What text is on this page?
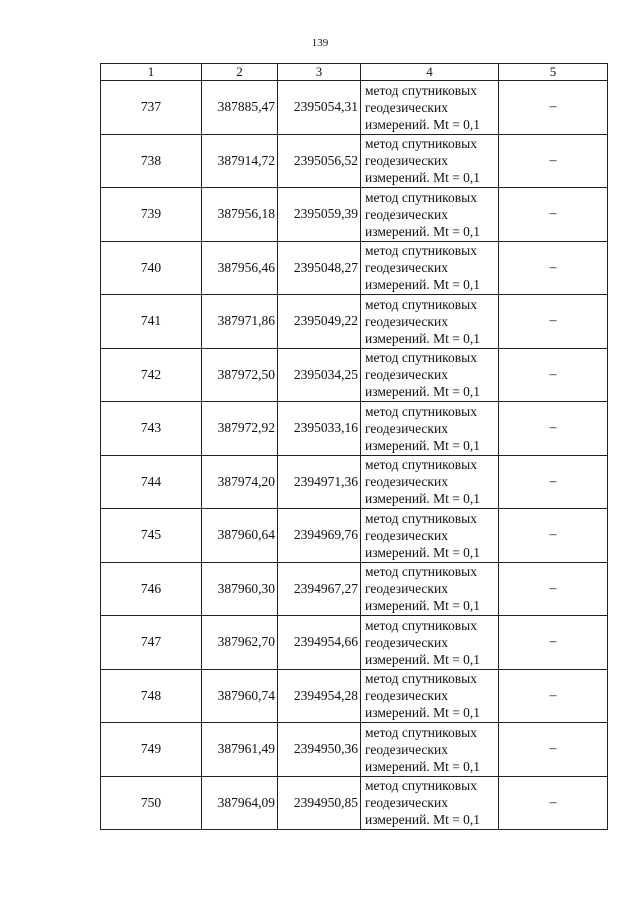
139
1	2	3	4	5
737	387885,47	2395054,31	метод спутниковых
геодезических
измерений. Mt = 0,1	–
738	387914,72	2395056,52	метод спутниковых
геодезических
измерений. Mt = 0,1	–
739	387956,18	2395059,39	метод спутниковых
геодезических
измерений. Mt = 0,1	–
740	387956,46	2395048,27	метод спутниковых
геодезических
измерений. Mt = 0,1	–
741	387971,86	2395049,22	метод спутниковых
геодезических
измерений. Mt = 0,1	–
742	387972,50	2395034,25	метод спутниковых
геодезических
измерений. Mt = 0,1	–
743	387972,92	2395033,16	метод спутниковых
геодезических
измерений. Mt = 0,1	–
744	387974,20	2394971,36	метод спутниковых
геодезических
измерений. Mt = 0,1	–
745	387960,64	2394969,76	метод спутниковых
геодезических
измерений. Mt = 0,1	–
746	387960,30	2394967,27	метод спутниковых
геодезических
измерений. Mt = 0,1	–
747	387962,70	2394954,66	метод спутниковых
геодезических
измерений. Mt = 0,1	–
748	387960,74	2394954,28	метод спутниковых
геодезических
измерений. Mt = 0,1	–
749	387961,49	2394950,36	метод спутниковых
геодезических
измерений. Mt = 0,1	–
750	387964,09	2394950,85	метод спутниковых
геодезических
измерений. Mt = 0,1	–
